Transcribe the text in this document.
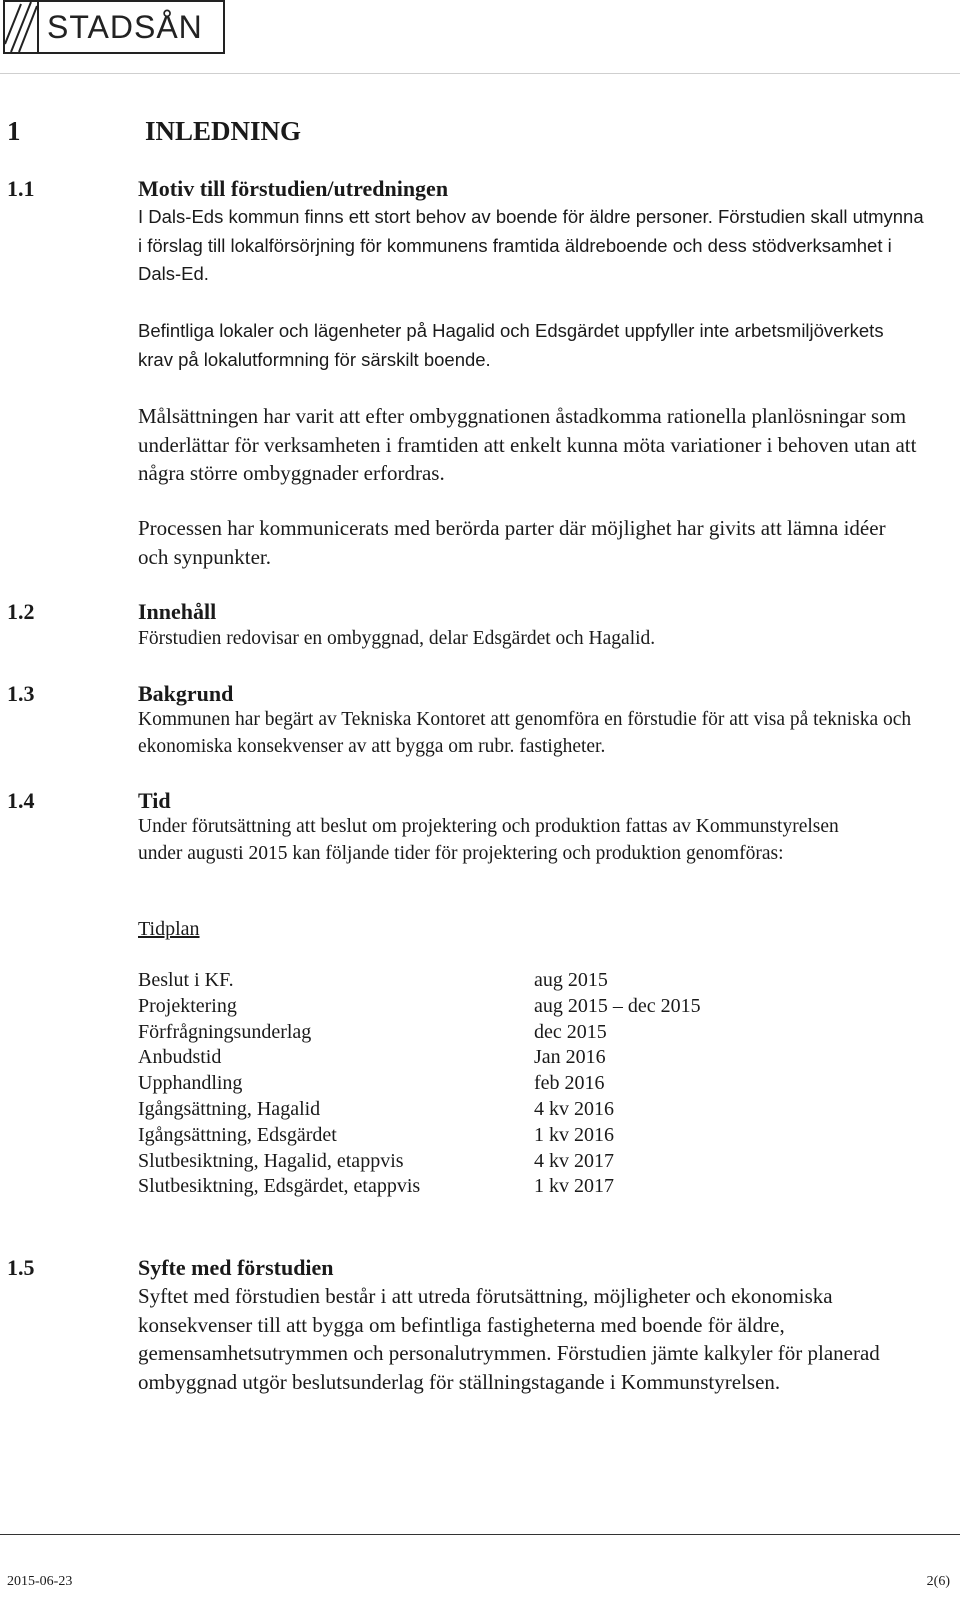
STADSÅN
1	INLEDNING
1.1	Motiv till förstudien/utredningen

I Dals-Eds kommun finns ett stort behov av boende för äldre personer. Förstudien skall utmynna i förslag till lokalförsörjning för kommunens framtida äldreboende och dess stödverksamhet i Dals-Ed.

Befintliga lokaler och lägenheter på Hagalid och Edsgärdet uppfyller inte arbetsmiljöverkets krav på lokalutformning för särskilt boende.

Målsättningen har varit att efter ombyggnationen åstadkomma rationella planlösningar som underlättar för verksamheten i framtiden att enkelt kunna möta variationer i behoven utan att några större ombyggnader erfordras.

Processen har kommunicerats med berörda parter där möjlighet har givits att lämna idéer och synpunkter.

1.2	Innehåll

Förstudien redovisar en ombyggnad, delar Edsgärdet och Hagalid.

1.3	Bakgrund

Kommunen har begärt av Tekniska Kontoret att genomföra en förstudie för att visa på tekniska och ekonomiska konsekvenser av att bygga om rubr. fastigheter.

1.4	Tid

Under förutsättning att beslut om projektering och produktion fattas av Kommunstyrelsen under augusti 2015 kan följande tider för projektering och produktion genomföras:

Tidplan
Beslut i KF.	aug 2015
Projektering	aug 2015 – dec 2015
Förfrågningsunderlag	dec 2015
Anbudstid	Jan 2016
Upphandling	feb 2016
Igångsättning, Hagalid	4 kv 2016
Igångsättning, Edsgärdet	1 kv 2016
Slutbesiktning, Hagalid, etappvis	4 kv 2017
Slutbesiktning, Edsgärdet, etappvis	1 kv 2017
1.5	Syfte med förstudien

Syftet med förstudien består i att utreda förutsättning, möjligheter och ekonomiska konsekvenser till att bygga om befintliga fastigheterna med boende för äldre, gemensamhetsutrymmen och personalutrymmen. Förstudien jämte kalkyler för planerad ombyggnad utgör beslutsunderlag för ställningstagande i Kommunstyrelsen.

2015-06-23	2(6)
